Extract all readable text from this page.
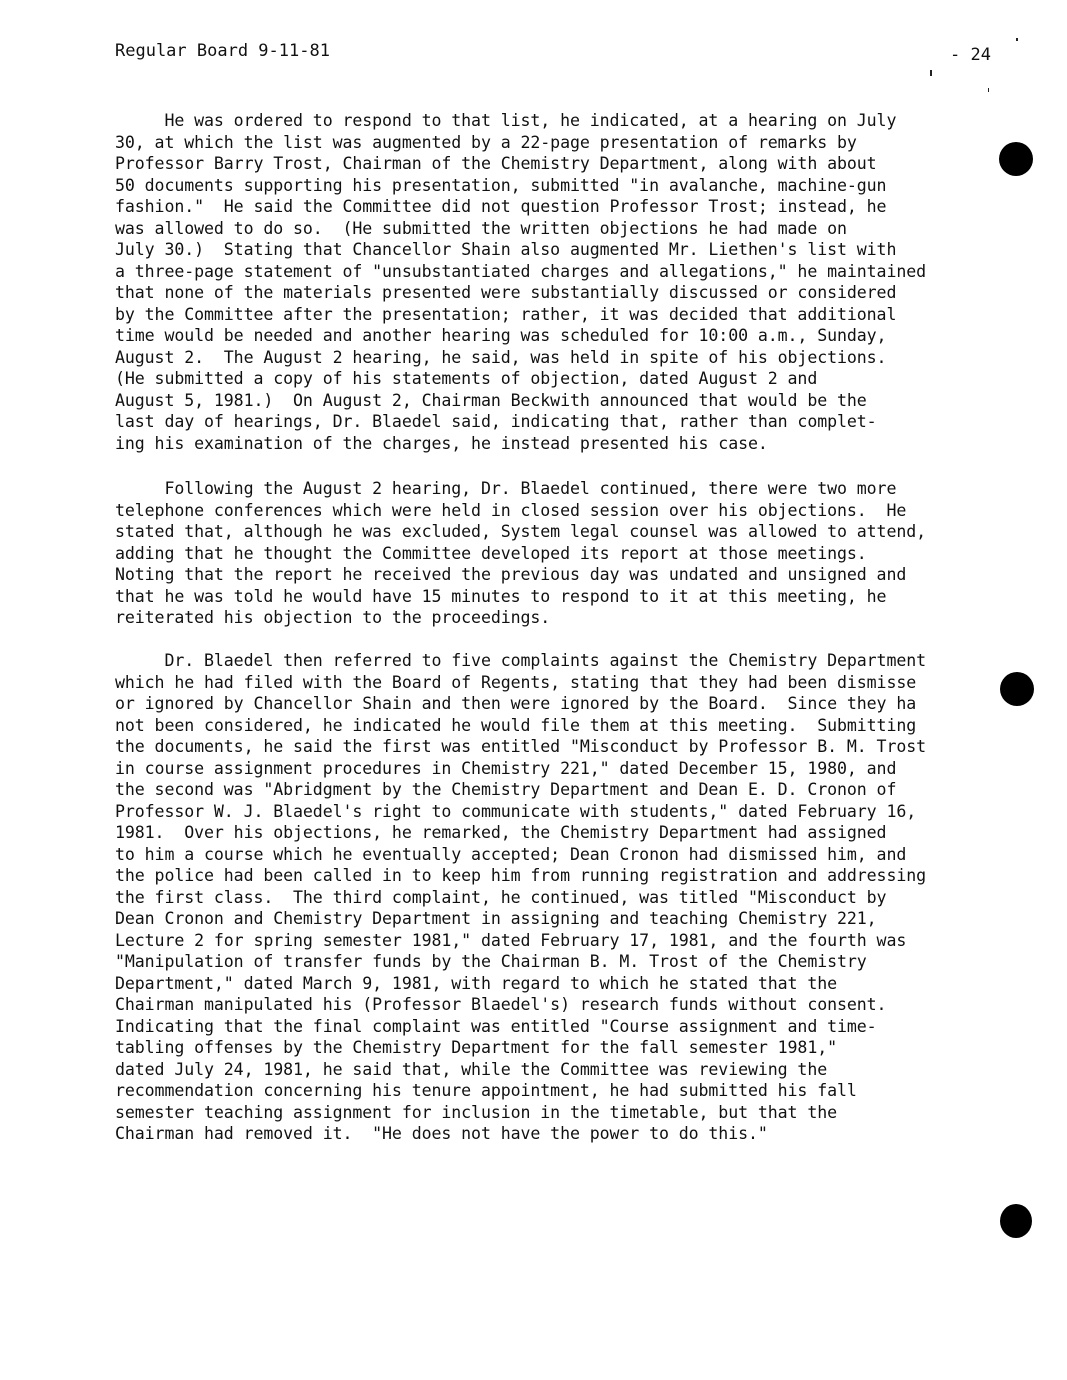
Regular Board 9-11-81	- 24
He was ordered to respond to that list, he indicated, at a hearing on July
30, at which the list was augmented by a 22-page presentation of remarks by
Professor Barry Trost, Chairman of the Chemistry Department, along with about
50 documents supporting his presentation, submitted "in avalanche, machine-gun
fashion."  He said the Committee did not question Professor Trost; instead, he
was allowed to do so.  (He submitted the written objections he had made on
July 30.)  Stating that Chancellor Shain also augmented Mr. Liethen's list with
a three-page statement of "unsubstantiated charges and allegations," he maintained
that none of the materials presented were substantially discussed or considered
by the Committee after the presentation; rather, it was decided that additional
time would be needed and another hearing was scheduled for 10:00 a.m., Sunday,
August 2.  The August 2 hearing, he said, was held in spite of his objections.
(He submitted a copy of his statements of objection, dated August 2 and
August 5, 1981.)  On August 2, Chairman Beckwith announced that would be the
last day of hearings, Dr. Blaedel said, indicating that, rather than complet-
ing his examination of the charges, he instead presented his case.
Following the August 2 hearing, Dr. Blaedel continued, there were two more
telephone conferences which were held in closed session over his objections.  He
stated that, although he was excluded, System legal counsel was allowed to attend,
adding that he thought the Committee developed its report at those meetings.
Noting that the report he received the previous day was undated and unsigned and
that he was told he would have 15 minutes to respond to it at this meeting, he
reiterated his objection to the proceedings.
Dr. Blaedel then referred to five complaints against the Chemistry Department
which he had filed with the Board of Regents, stating that they had been dismisse
or ignored by Chancellor Shain and then were ignored by the Board.  Since they ha
not been considered, he indicated he would file them at this meeting.  Submitting
the documents, he said the first was entitled "Misconduct by Professor B. M. Trost
in course assignment procedures in Chemistry 221," dated December 15, 1980, and
the second was "Abridgment by the Chemistry Department and Dean E. D. Cronon of
Professor W. J. Blaedel's right to communicate with students," dated February 16,
1981.  Over his objections, he remarked, the Chemistry Department had assigned
to him a course which he eventually accepted; Dean Cronon had dismissed him, and
the police had been called in to keep him from running registration and addressing
the first class.  The third complaint, he continued, was titled "Misconduct by
Dean Cronon and Chemistry Department in assigning and teaching Chemistry 221,
Lecture 2 for spring semester 1981," dated February 17, 1981, and the fourth was
"Manipulation of transfer funds by the Chairman B. M. Trost of the Chemistry
Department," dated March 9, 1981, with regard to which he stated that the
Chairman manipulated his (Professor Blaedel's) research funds without consent.
Indicating that the final complaint was entitled "Course assignment and time-
tabling offenses by the Chemistry Department for the fall semester 1981,"
dated July 24, 1981, he said that, while the Committee was reviewing the
recommendation concerning his tenure appointment, he had submitted his fall
semester teaching assignment for inclusion in the timetable, but that the
Chairman had removed it.  "He does not have the power to do this."
